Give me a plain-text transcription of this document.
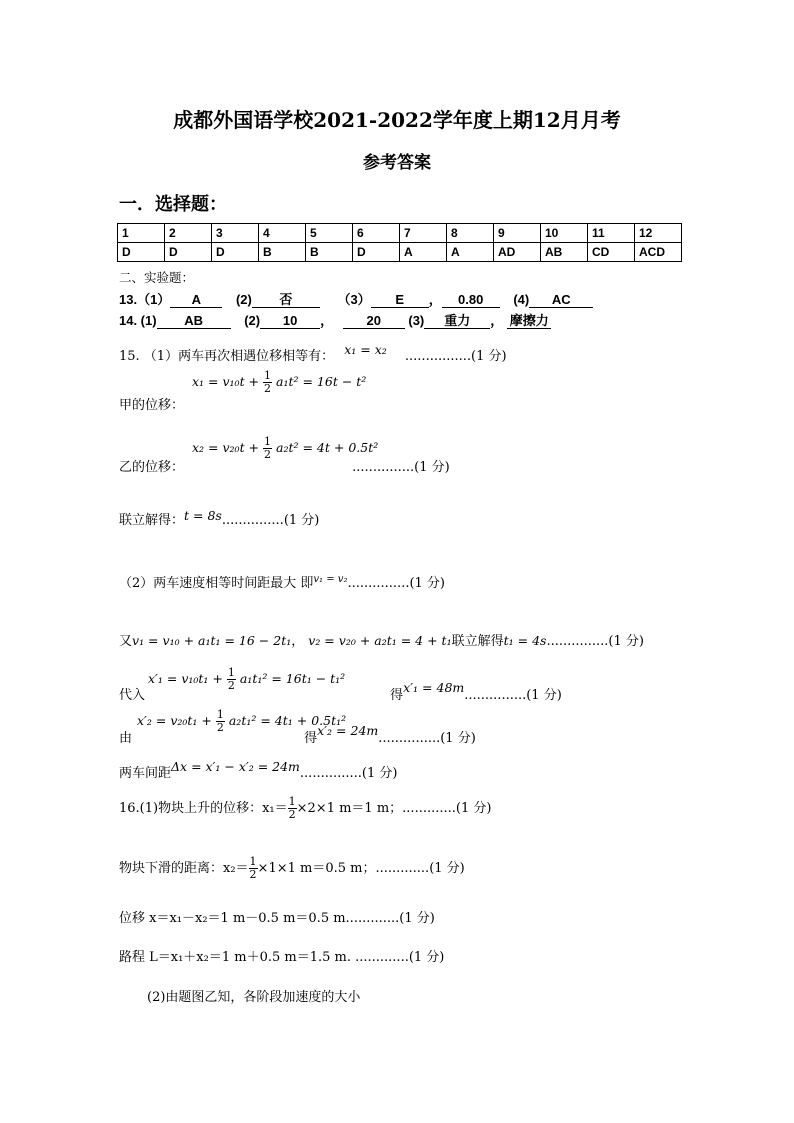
成都外国语学校2021-2022学年度上期12月月考
参考答案
一．选择题：
1	2	3	4	5	6	7	8	9	10	11	12
D	D	D	B	B	D	A	A	AD	AB	CD	ACD
二、实验题：
13.（1） A	(2) 否	（3） E ， 0.80 (4) AC
14. (1) AB	(2) 10 ，	20 (3) 重力 ， 摩擦力
15. （1）两车再次相遇位移相等有： x₁ = x₂ ................(1 分)
$x_1 = v_{10}t + \frac{1}{2} a_1t^2 = 16t - t^2$
甲的位移：
$x_2 = v_{20}t + \frac{1}{2} a_2t^2 = 4t + 0.5t^2$
乙的位移：	...............(1 分)
联立解得：t = 8s...............(1 分)
（2）两车速度相等时间距最大 即$^{v_1 = v_2}$...............(1 分)
又v₁ = v₁₀ + a₁t₁ = 16 − 2t₁， v₂ = v₂₀ + a₂t₁ = 4 + t₁联立解得t₁ = 4s...............(1 分)
$x'_1 = v_{10}t_1 + \frac{1}{2} a_1t_1^2 = 16t_1 - t_1^2$
代入	得x′₁ = 48m...............(1 分)
$x'_2 = v_{20}t_1 + \frac{1}{2} a_2t_1^2 = 4t_1 + 0.5t_1^2$
由	得x′₂ = 24m...............(1 分)
两车间距Δx = x′₁ − x′₂ = 24m...............(1 分)
16.(1)物块上升的位移：$x_1= \frac{1}{2} \times 2\times 1$ m＝1 m；.............(1 分)
物块下滑的距离：$x_2= \frac{1}{2} \times 1\times 1$ m＝0.5 m；.............(1 分)
位移 x＝x₁－x₂＝1 m－0.5 m＝0.5 m.............(1 分)
路程 L＝x₁＋x₂＝1 m＋0.5 m＝1.5 m. .............(1 分)
(2)由题图乙知，各阶段加速度的大小
